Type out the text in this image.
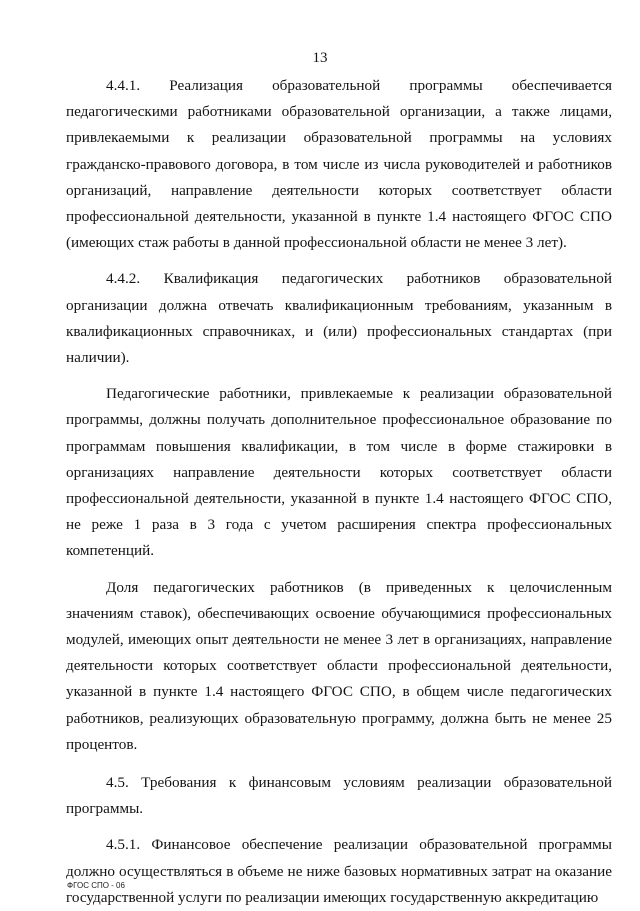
13

4.4.1. Реализация образовательной программы обеспечивается педагогическими работниками образовательной организации, а также лицами, привлекаемыми к реализации образовательной программы на условиях гражданско-правового договора, в том числе из числа руководителей и работников организаций, направление деятельности которых соответствует области профессиональной деятельности, указанной в пункте 1.4 настоящего ФГОС СПО (имеющих стаж работы в данной профессиональной области не менее 3 лет).

4.4.2. Квалификация педагогических работников образовательной организации должна отвечать квалификационным требованиям, указанным в квалификационных справочниках, и (или) профессиональных стандартах (при наличии).

Педагогические работники, привлекаемые к реализации образовательной программы, должны получать дополнительное профессиональное образование по программам повышения квалификации, в том числе в форме стажировки в организациях направление деятельности которых соответствует области профессиональной деятельности, указанной в пункте 1.4 настоящего ФГОС СПО, не реже 1 раза в 3 года с учетом расширения спектра профессиональных компетенций.

Доля педагогических работников (в приведенных к целочисленным значениям ставок), обеспечивающих освоение обучающимися профессиональных модулей, имеющих опыт деятельности не менее 3 лет в организациях, направление деятельности которых соответствует области профессиональной деятельности, указанной в пункте 1.4 настоящего ФГОС СПО, в общем числе педагогических работников, реализующих образовательную программу, должна быть не менее 25 процентов.

4.5. Требования к финансовым условиям реализации образовательной программы.

4.5.1. Финансовое обеспечение реализации образовательной программы должно осуществляться в объеме не ниже базовых нормативных затрат на оказание государственной услуги по реализации имеющих государственную аккредитацию

ФГОС СПО - 06
